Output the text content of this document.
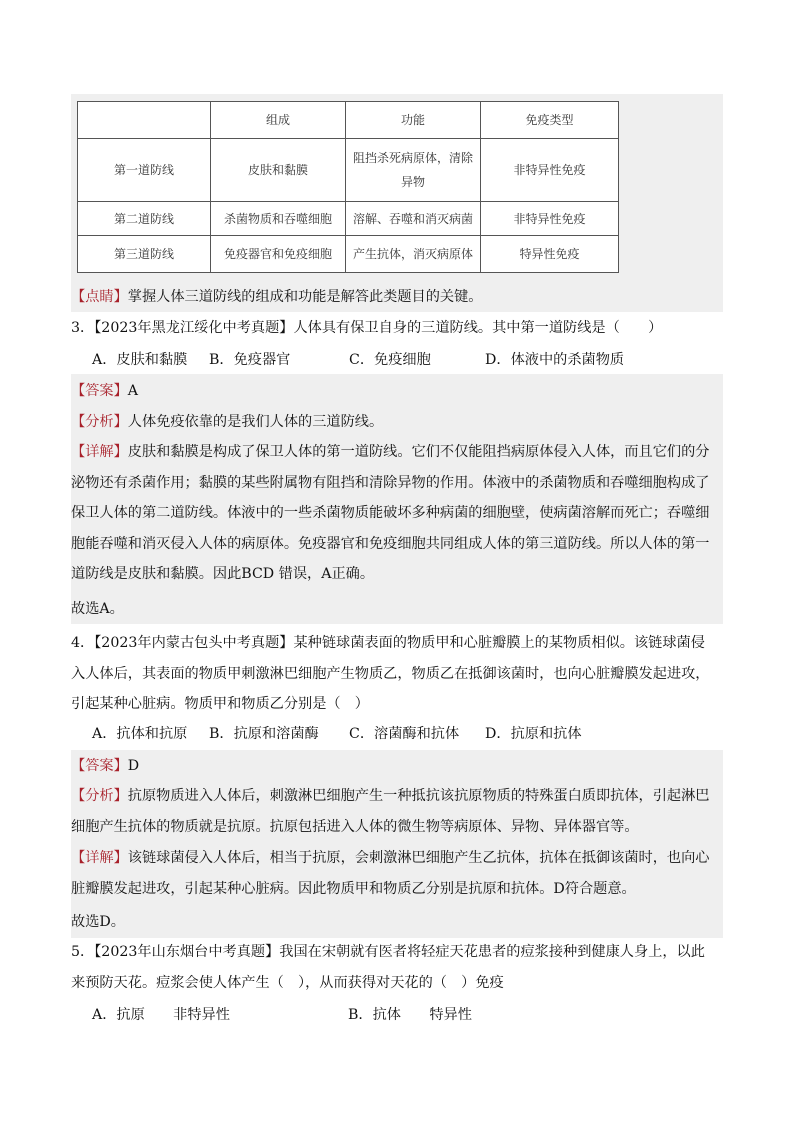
	组成	功能	免疫类型
第一道防线	皮肤和黏膜	阻挡杀死病原体，清除异物	非特异性免疫
第二道防线	杀菌物质和吞噬细胞	溶解、吞噬和消灭病菌	非特异性免疫
第三道防线	免疫器官和免疫细胞	产生抗体，消灭病原体	特异性免疫
【点睛】掌握人体三道防线的组成和功能是解答此类题目的关键。
3．【2023年黑龙江绥化中考真题】人体具有保卫自身的三道防线。其中第一道防线是（　　）
A．皮肤和黏膜 B．免疫器官	C．免疫细胞	D．体液中的杀菌物质
【答案】A
【分析】人体免疫依靠的是我们人体的三道防线。
【详解】皮肤和黏膜是构成了保卫人体的第一道防线。它们不仅能阻挡病原体侵入人体，而且它们的分泌物还有杀菌作用；黏膜的某些附属物有阻挡和清除异物的作用。体液中的杀菌物质和吞噬细胞构成了保卫人体的第二道防线。体液中的一些杀菌物质能破坏多种病菌的细胞壁，使病菌溶解而死亡；吞噬细胞能吞噬和消灭侵入人体的病原体。免疫器官和免疫细胞共同组成人体的第三道防线。所以人体的第一道防线是皮肤和黏膜。因此BCD 错误，A正确。
故选A。
4．【2023年内蒙古包头中考真题】某种链球菌表面的物质甲和心脏瓣膜上的某物质相似。该链球菌侵入人体后，其表面的物质甲刺激淋巴细胞产生物质乙，物质乙在抵御该菌时，也向心脏瓣膜发起进攻，引起某种心脏病。物质甲和物质乙分别是（　）
A．抗体和抗原 B．抗原和溶菌酶 C．溶菌酶和抗体 D．抗原和抗体
【答案】D
【分析】抗原物质进入人体后，刺激淋巴细胞产生一种抵抗该抗原物质的特殊蛋白质即抗体，引起淋巴细胞产生抗体的物质就是抗原。抗原包括进入人体的微生物等病原体、异物、异体器官等。
【详解】该链球菌侵入人体后，相当于抗原，会刺激淋巴细胞产生乙抗体，抗体在抵御该菌时，也向心脏瓣膜发起进攻，引起某种心脏病。因此物质甲和物质乙分别是抗原和抗体。D符合题意。
故选D。
5．【2023年山东烟台中考真题】我国在宋朝就有医者将轻症天花患者的痘浆接种到健康人身上，以此来预防天花。痘浆会使人体产生（　），从而获得对天花的（　）免疫
A．抗原　　非特异性	B．抗体　　特异性
